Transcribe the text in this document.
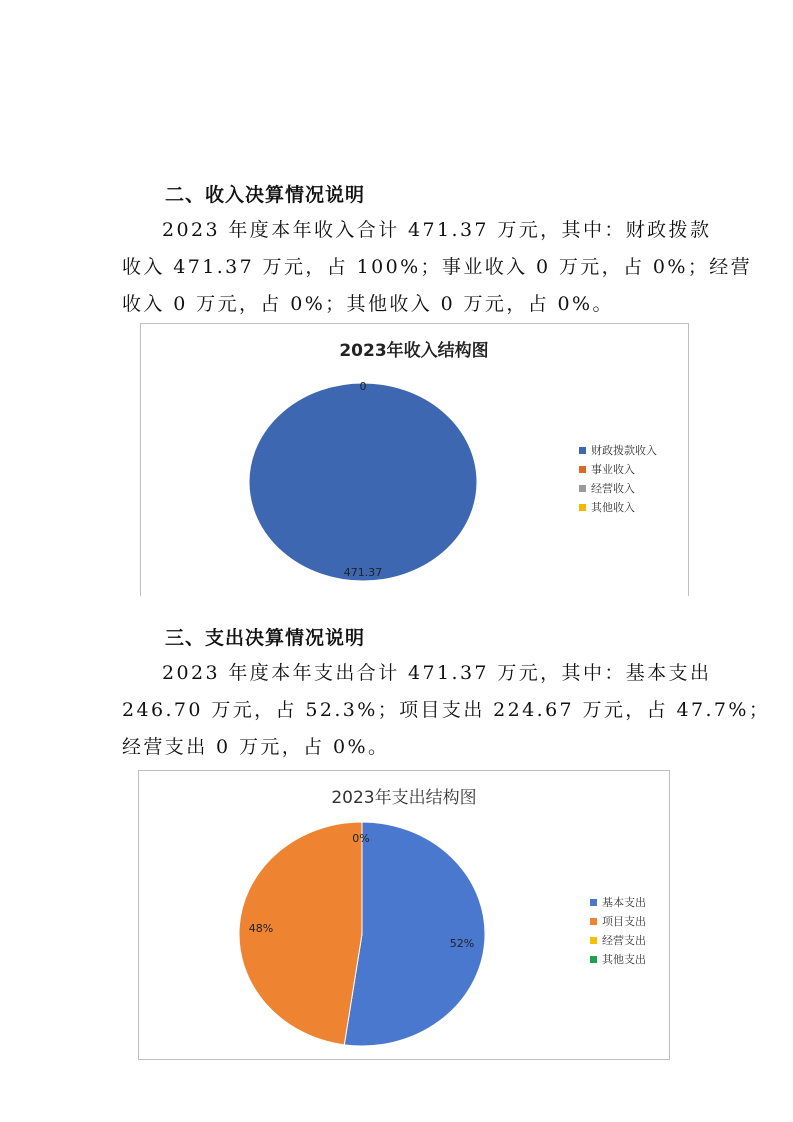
二、收入决算情况说明
2023 年度本年收入合计 471.37 万元，其中：财政拨款
收入 471.37 万元，占 100%；事业收入 0 万元，占 0%；经营
收入 0 万元，占 0%；其他收入 0 万元，占 0%。
2023年收入结构图
0
471.37
财政拨款收入
事业收入
经营收入
其他收入
三、支出决算情况说明
2023 年度本年支出合计 471.37 万元，其中：基本支出
246.70 万元，占 52.3%；项目支出 224.67 万元，占 47.7%；
经营支出 0 万元，占 0%。
2023年支出结构图
0%
52%
48%
基本支出
项目支出
经营支出
其他支出
